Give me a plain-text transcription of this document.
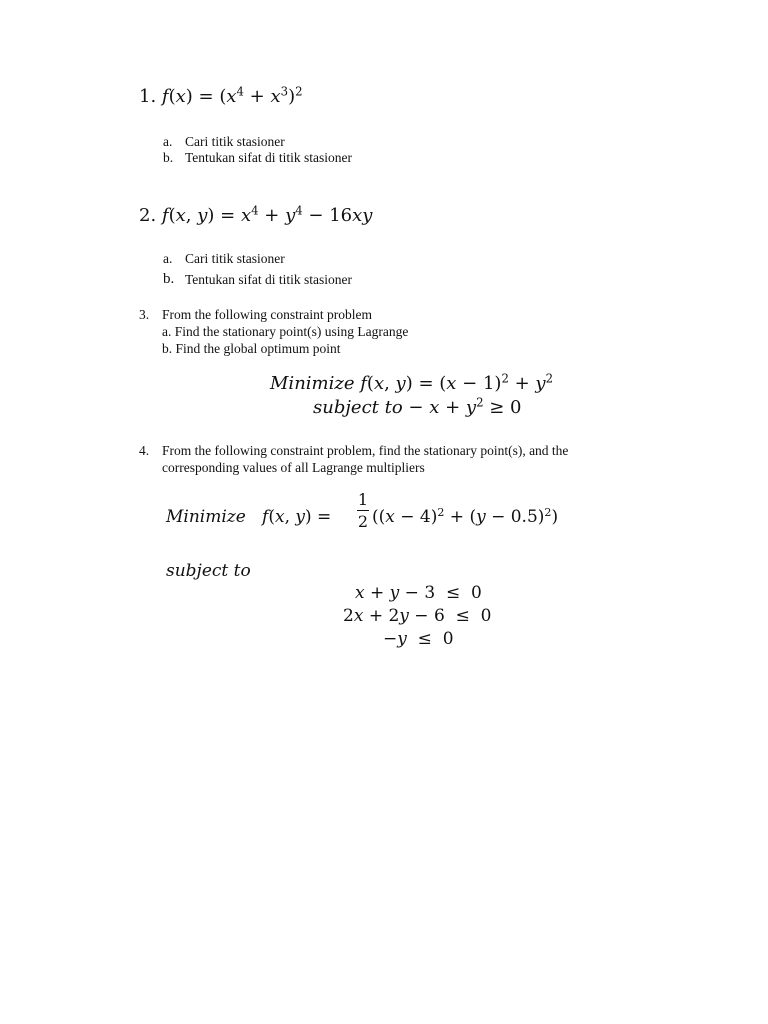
1. $f(x) = (x^4 + x^3)^2$
a. Cari titik stasioner
b. Tentukan sifat di titik stasioner
2. f(x, $y) = x^4 + y^4 - 16xy$
a. Cari titik stasioner
b. Tentukan sifat di titik stasioner
3. From the following constraint problem
a. Find the stationary point(s) using Lagrange
b. Find the global optimum point
Minimize f(x, $y) = (x - 1)^2 + y^2$
subject to − $x + y^2 \ge 0$
4. From the following constraint problem, find the stationary point(s), and the
corresponding values of all Lagrange multipliers
Minimize f(x, y) =
1
2 $((x - 4)^2 + (y - 0.5)^2)$
subject to
x + y − 3  ≤  0
2x + 2y − 6  ≤  0
−y  ≤  0
